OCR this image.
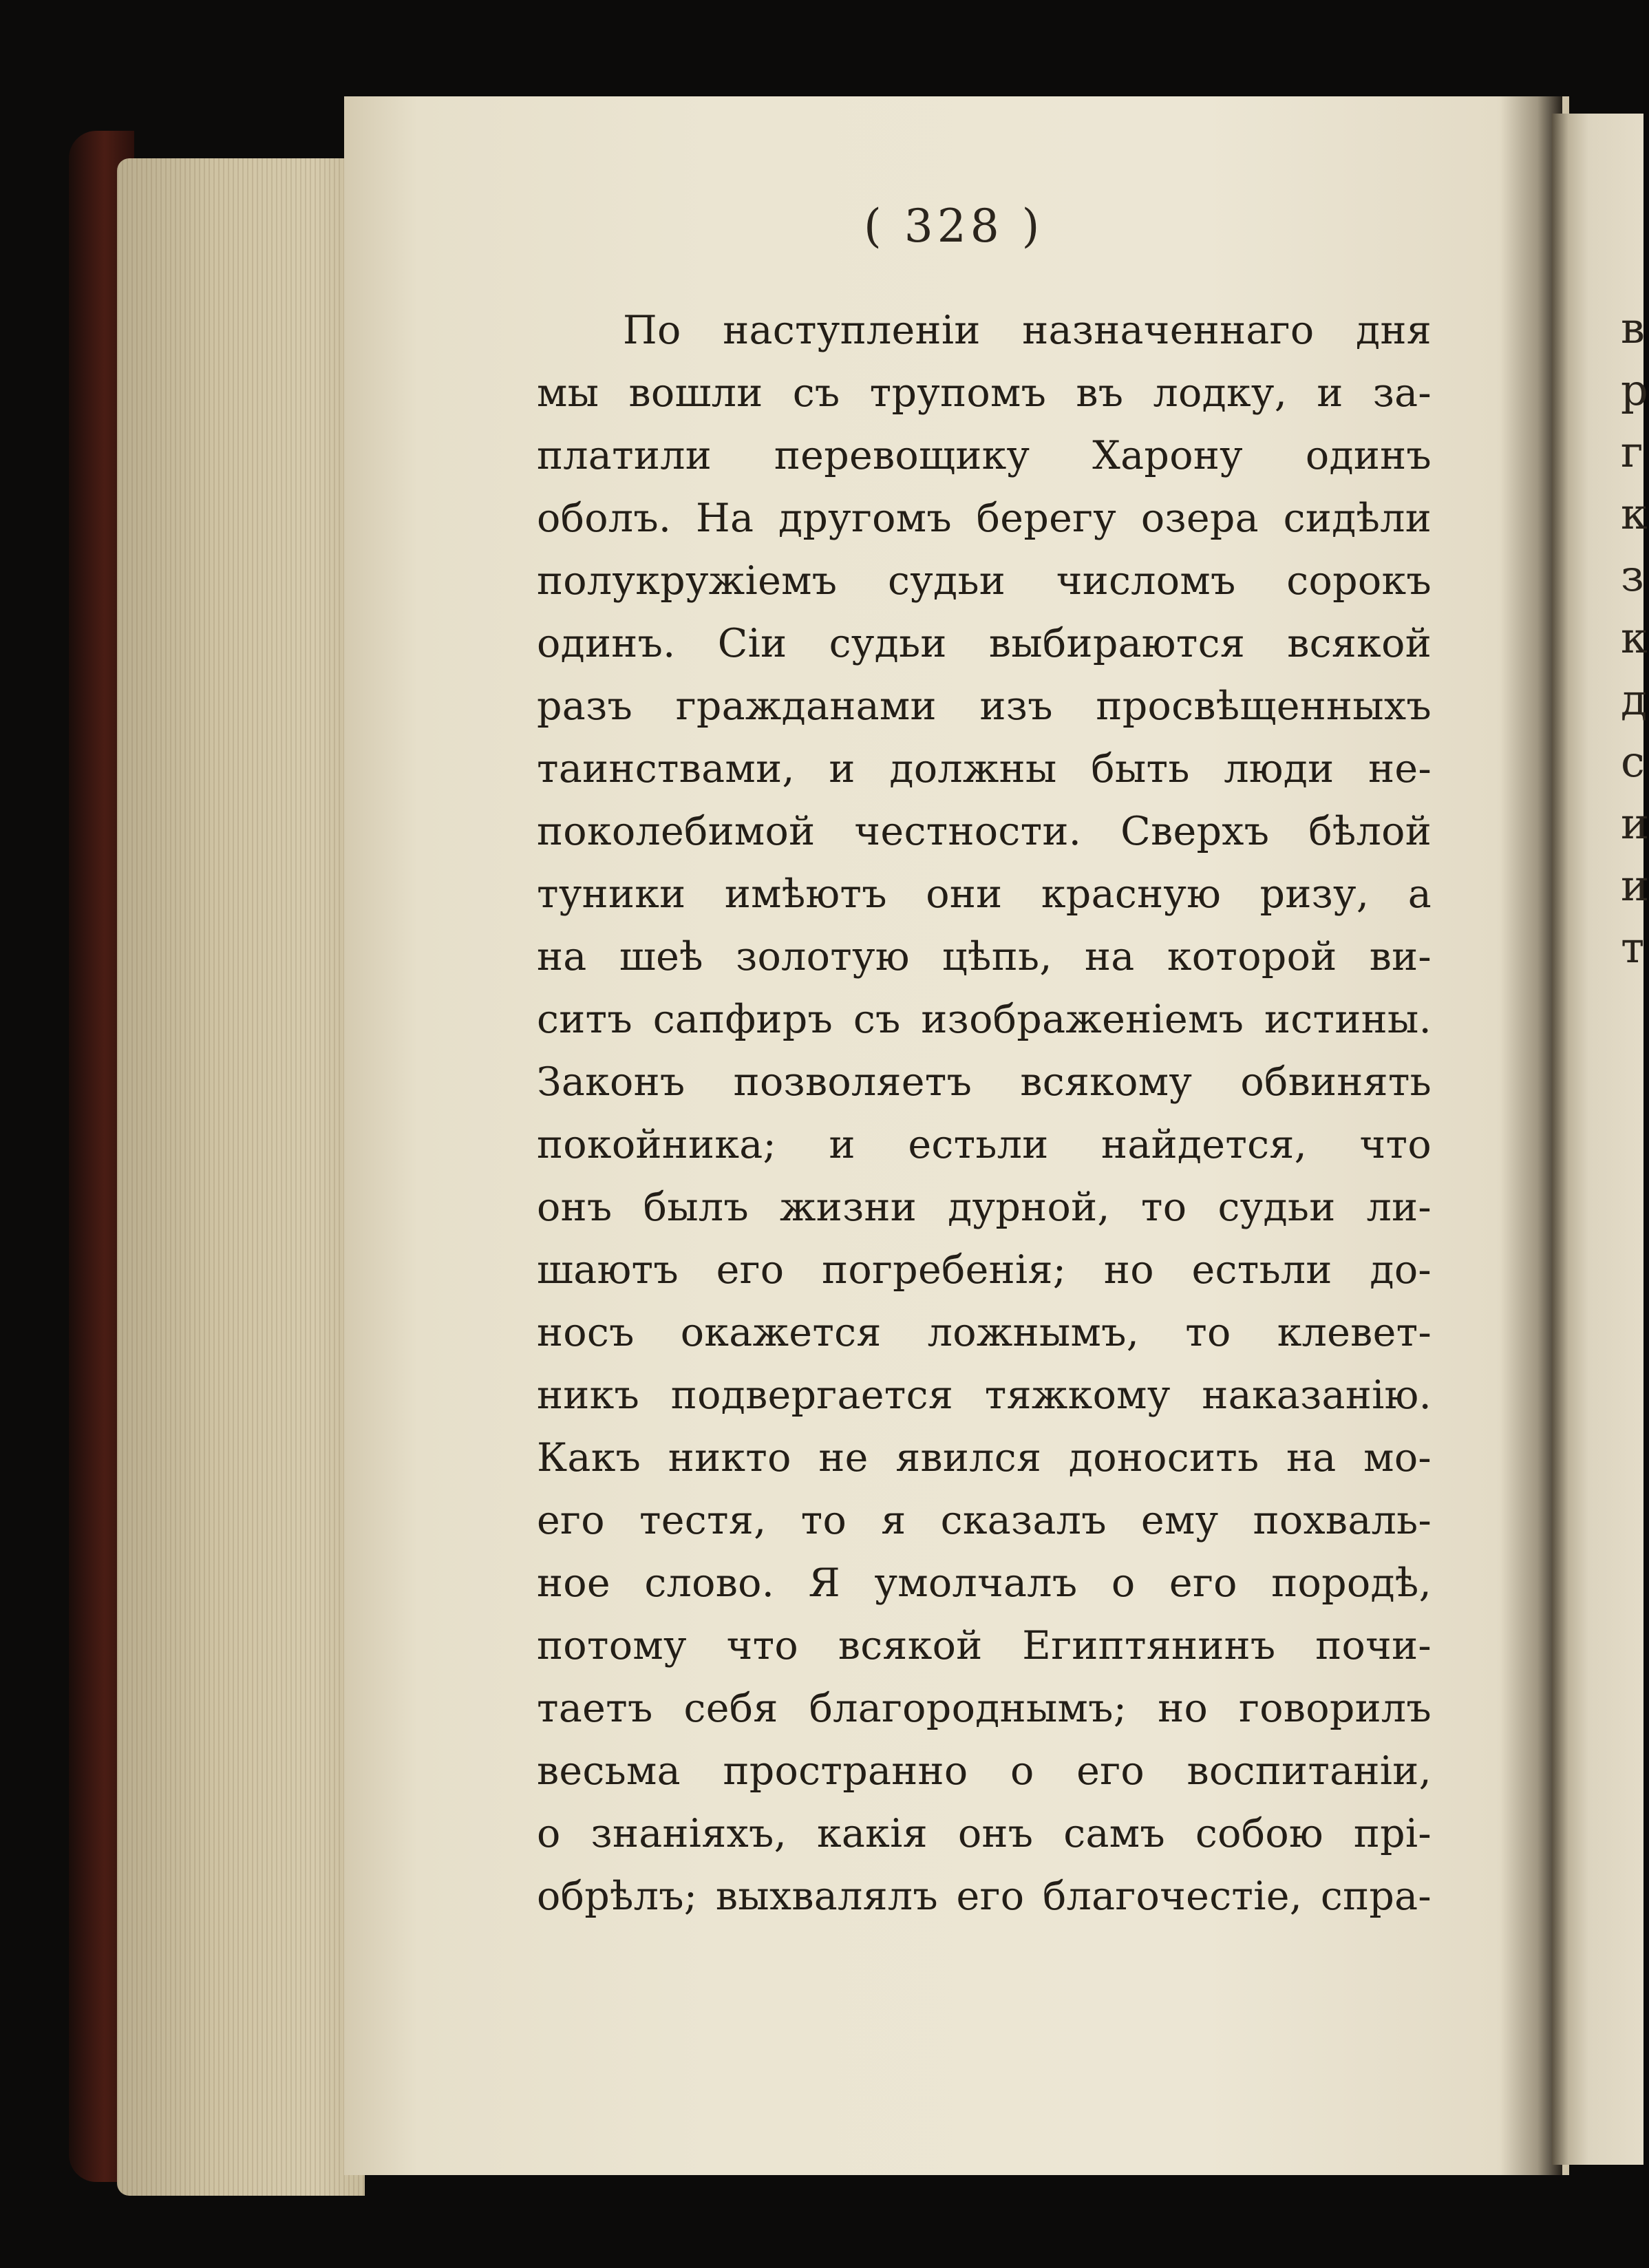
в
р
г
к
з
к
д
с
и
и
т
( 328 )
По наступленіи назначеннаго дня
мы вошли съ трупомъ въ лодку, и за-
платили перевощику Харону одинъ
оболъ. На другомъ берегу озера сидѣли
полукружіемъ судьи числомъ сорокъ
одинъ. Сіи судьи выбираются всякой
разъ гражданами изъ просвѣщенныхъ
таинствами, и должны быть люди не-
поколебимой честности. Сверхъ бѣлой
туники имѣютъ они красную ризу, а
на шеѣ золотую цѣпь, на которой ви-
ситъ сапфиръ съ изображеніемъ истины.
Законъ позволяетъ всякому обвинять
покойника; и естьли найдется, что
онъ былъ жизни дурной, то судьи ли-
шаютъ его погребенія; но естьли до-
носъ окажется ложнымъ, то клевет-
никъ подвергается тяжкому наказанію.
Какъ никто не явился доносить на мо-
его тестя, то я сказалъ ему похваль-
ное слово. Я умолчалъ о его породѣ,
потому что всякой Египтянинъ почи-
таетъ себя благороднымъ; но говорилъ
весьма пространно о его воспитаніи,
о знаніяхъ, какія онъ самъ собою прі-
обрѣлъ; выхвалялъ его благочестіе, спра-
